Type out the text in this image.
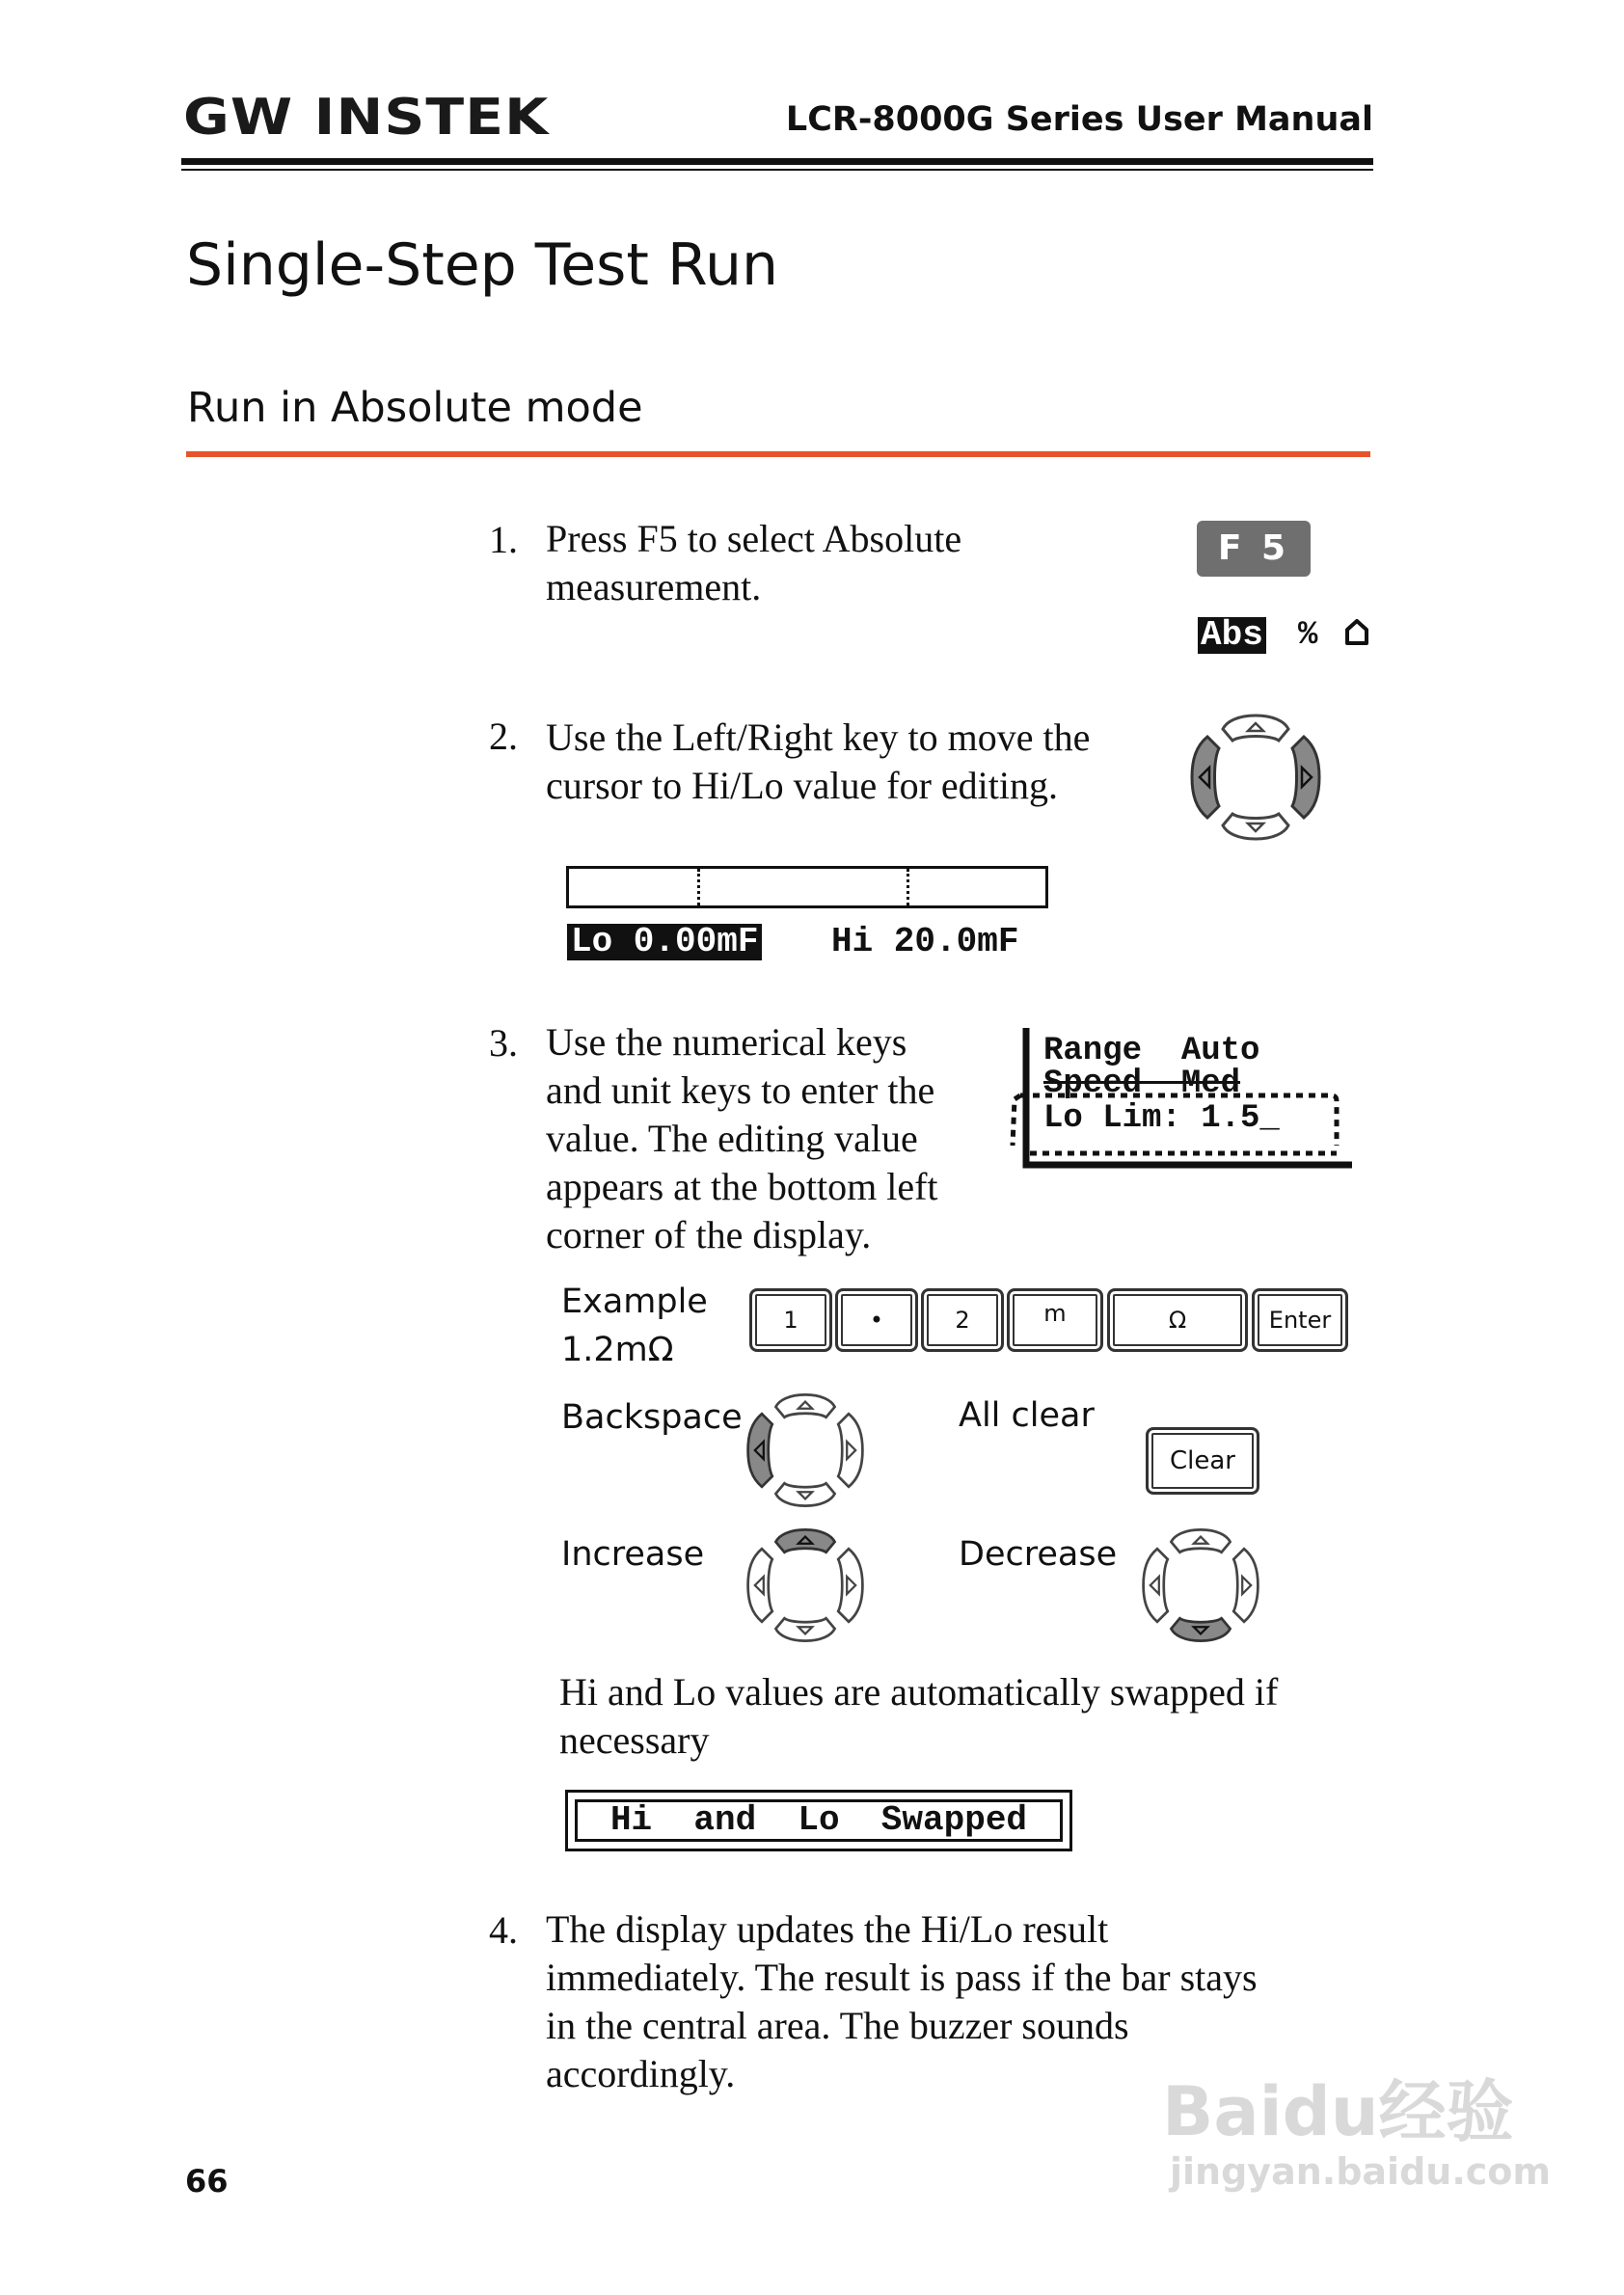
GW INSTEK	LCR-8000G Series User Manual
Single-Step Test Run
Run in Absolute mode
1. Press F5 to select Absolute
measurement.
F 5
Abs %
2. Use the Left/Right key to move the
cursor to Hi/Lo value for editing.
Lo 0.00mF Hi 20.0mF
3. Use the numerical keys
and unit keys to enter the
value. The editing value
appears at the bottom left
corner of the display.
Range  Auto
Speed  Med
Lo Lim: 1.5_
Example
1.2mΩ
1	•	2	m	Ω	Enter
Backspace	All clear
Clear
Increase	Decrease
Hi and Lo values are automatically swapped if
necessary
Hi  and  Lo  Swapped
4. The display updates the Hi/Lo result
immediately. The result is pass if the bar stays
in the central area. The buzzer sounds
accordingly.
66
Baidu经验
jingyan.baidu.com
